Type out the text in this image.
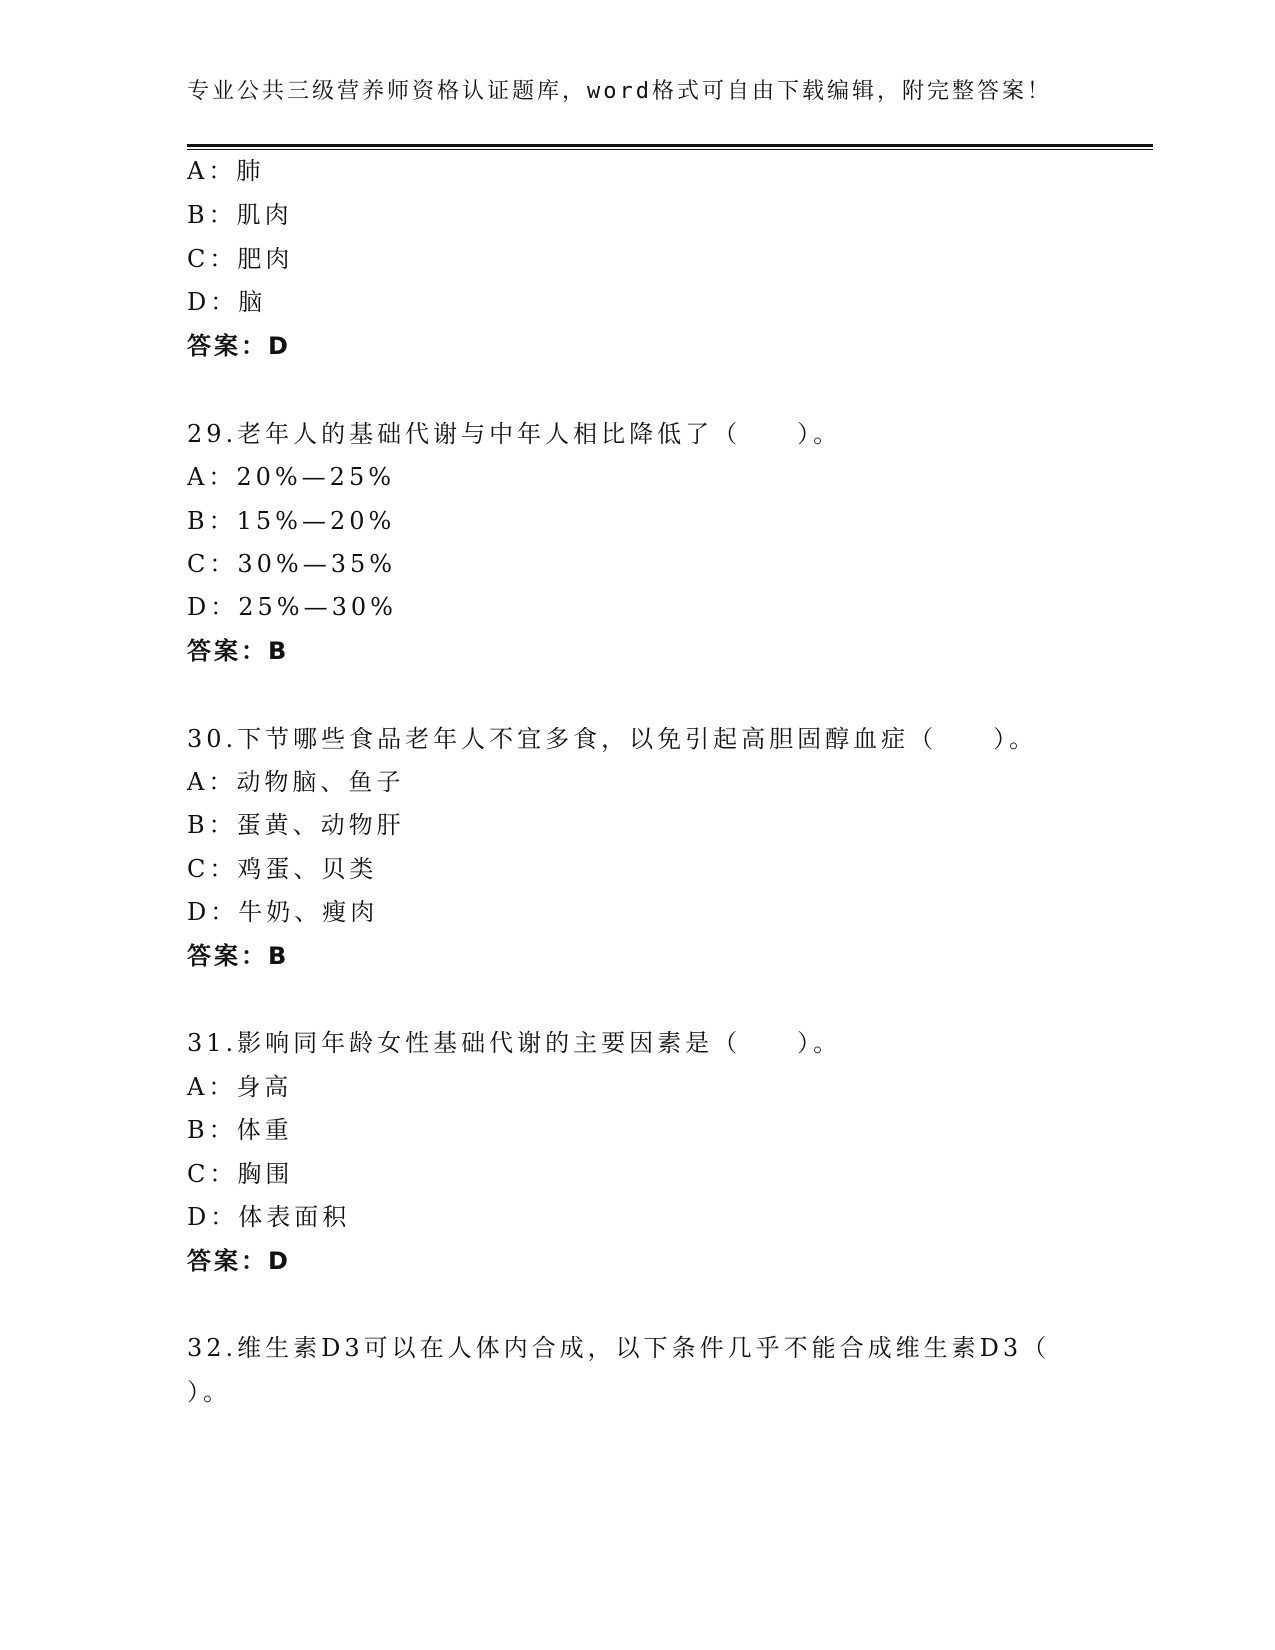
专业公共三级营养师资格认证题库，word格式可自由下载编辑，附完整答案！
A：肺
B：肌肉
C：肥肉
D：脑
答案：D
29.老年人的基础代谢与中年人相比降低了（　　）。
A：20%—25%
B：15%—20%
C：30%—35%
D：25%—30%
答案：B
30.下节哪些食品老年人不宜多食，以免引起高胆固醇血症（　　）。
A：动物脑、鱼子
B：蛋黄、动物肝
C：鸡蛋、贝类
D：牛奶、瘦肉
答案：B
31.影响同年龄女性基础代谢的主要因素是（　　）。
A：身高
B：体重
C：胸围
D：体表面积
答案：D
32.维生素D3可以在人体内合成，以下条件几乎不能合成维生素D3（
）。
